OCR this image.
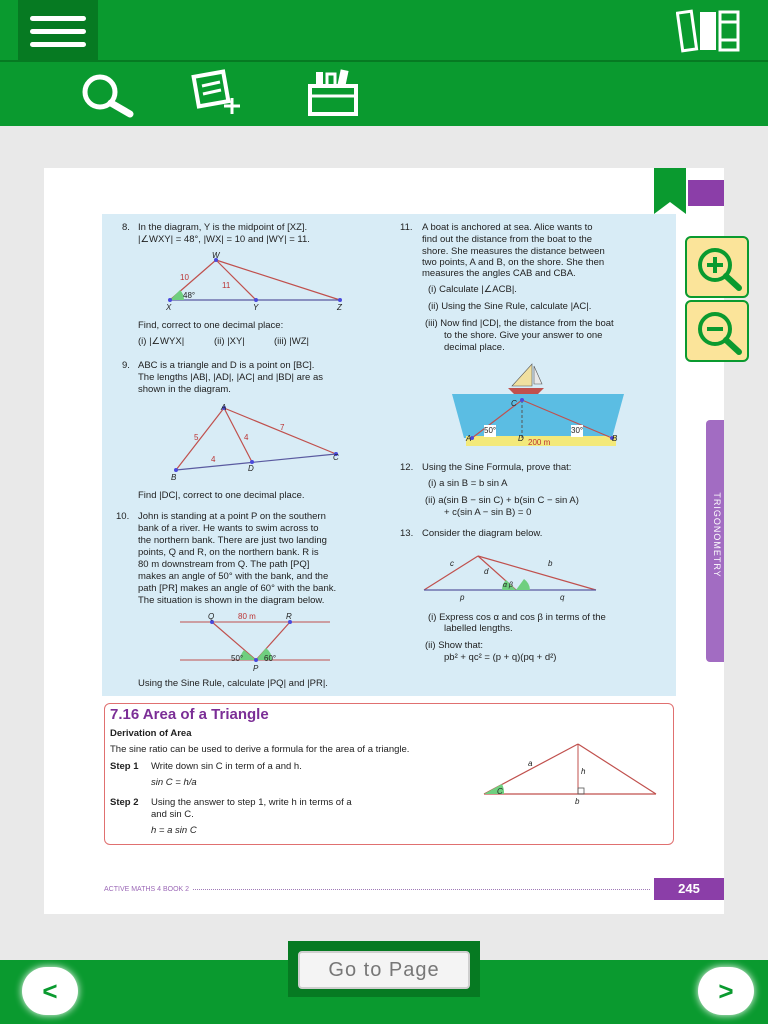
TRIGONOMETRY
8. In the diagram, Y is the midpoint of [XZ].
|∠WXY| = 48°, |WX| = 10 and |WY| = 11.
W
X	Y	Z
10
11
48°
Find, correct to one decimal place:
(i) |∠WYX|	(ii) |XY|	(iii) |WZ|
9. ABC is a triangle and D is a point on [BC].
The lengths |AB|, |AD|, |AC| and |BD| are as
shown in the diagram.
A
B
C
D
5	4
7
4
Find |DC|, correct to one decimal place.
10. John is standing at a point P on the southern
bank of a river. He wants to swim across to
the northern bank. There are just two landing
points, Q and R, on the northern bank. R is
80 m downstream from Q. The path [PQ]
makes an angle of 50° with the bank, and the
path [PR] makes an angle of 60° with the bank.
The situation is shown in the diagram below.
Q	R
P
80 m
50°	60°
Using the Sine Rule, calculate |PQ| and |PR|.
11. A boat is anchored at sea. Alice wants to
find out the distance from the boat to the
shore. She measures the distance between
two points, A and B, on the shore. She then
measures the angles CAB and CBA.
(i) Calculate |∠ACB|.
(ii) Using the Sine Rule, calculate |AC|.
(iii) Now find |CD|, the distance from the boat
to the shore. Give your answer to one
decimal place.
A	B
C
D
50°	30°
200 m
12. Using the Sine Formula, prove that:
(i) a sin B = b sin A
(ii) a(sin B − sin C) + b(sin C − sin A)
+ c(sin A − sin B) = 0
13. Consider the diagram below.
c	b
d
p	q
α β
(i) Express cos α and cos β in terms of the
labelled lengths.
(ii) Show that:
pb² + qc² = (p + q)(pq + d²)
7.16 Area of a Triangle
Derivation of Area
The sine ratio can be used to derive a formula for the area of a triangle.
Step 1 Write down sin C in term of a and h.
sin C = h/a
Step 2 Using the answer to step 1, write h in terms of a
and sin C.
h = a sin C
a
h
b
C
ACTIVE MATHS 4 BOOK 2	245
Go to Page
<	>
